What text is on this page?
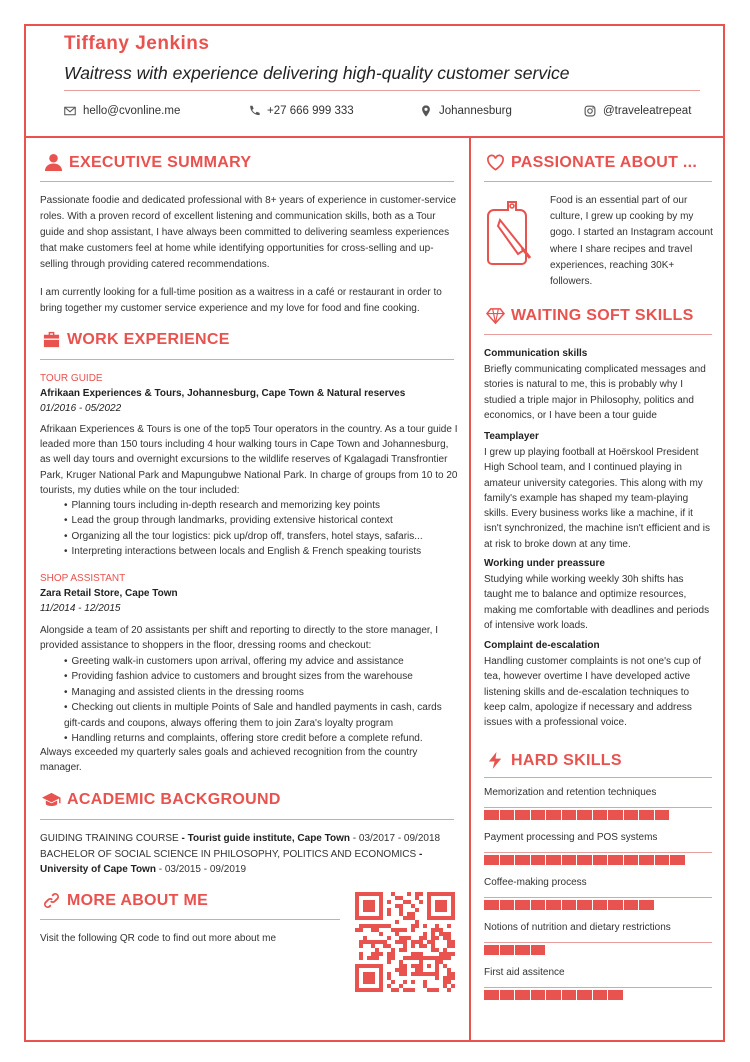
Tiffany Jenkins
Waitress with experience delivering high-quality customer service
hello@cvonline.me	+27 666 999 333	Johannesburg	@traveleatrepeat
EXECUTIVE SUMMARY
Passionate foodie and dedicated professional with 8+ years of experience in customer-service roles. With a proven record of excellent listening and communication skills, both as a Tour guide and shop assistant, I have always been committed to delivering seamless experiences that make customers feel at home while identifying opportunities for cross-selling and up-selling through providing catered recommendations.
I am currently looking for a full-time position as a waitress in a café or restaurant in order to bring together my customer service experience and my love for food and fine cooking.
WORK EXPERIENCE
TOUR GUIDE
Afrikaan Experiences & Tours, Johannesburg, Cape Town & Natural reserves
01/2016 - 05/2022
Afrikaan Experiences & Tours is one of the top5 Tour operators in the country. As a tour guide I leaded more than 150 tours including 4 hour walking tours in Cape Town and Johannesburg, as well day tours and overnight excursions to the wildlife reserves of Kgalagadi Transfrontier Park, Kruger National Park and Mapungubwe National Park. In charge of groups from 10 to 20 tourists, my duties while on the tour included:
• Planning tours including in-depth research and memorizing key points
• Lead the group through landmarks, providing extensive historical context
• Organizing all the tour logistics: pick up/drop off, transfers, hotel stays, safaris...
• Interpreting interactions between locals and English & French speaking tourists
SHOP ASSISTANT
Zara Retail Store, Cape Town
11/2014 - 12/2015
Alongside a team of 20 assistants per shift and reporting to directly to the store manager, I provided assistance to shoppers in the floor, dressing rooms and checkout:
• Greeting walk-in customers upon arrival, offering my advice and assistance
• Providing fashion advice to customers and brought sizes from the warehouse
• Managing and assisted clients in the dressing rooms
• Checking out clients in multiple Points of Sale and handled payments in cash, cards gift-cards and coupons, always offering them to join Zara's loyalty program
• Handling returns and complaints, offering store credit before a complete refund.
Always exceeded my quarterly sales goals and achieved recognition from the country manager.
ACADEMIC BACKGROUND
GUIDING TRAINING COURSE - Tourist guide institute, Cape Town - 03/2017 - 09/2018
BACHELOR OF SOCIAL SCIENCE IN PHILOSOPHY, POLITICS AND ECONOMICS - University of Cape Town - 03/2015 - 09/2019
MORE ABOUT ME
Visit the following QR code to find out more about me
PASSIONATE ABOUT ...
Food is an essential part of our culture, I grew up cooking by my gogo. I started an Instagram account where I share recipes and travel experiences, reaching 30K+ followers.
WAITING SOFT SKILLS
Communication skills
Briefly communicating complicated messages and stories is natural to me, this is probably why I studied a triple major in Philosophy, politics and economics, or I have been a tour guide
Teamplayer
I grew up playing football at Hoërskool President High School team, and I continued playing in amateur university categories. This along with my family's example has shaped my team-playing skills. Every business works like a machine, if it isn't synchronized, the machine isn't efficient and is at risk to broke down at any time.
Working under preassure
Studying while working weekly 30h shifts has taught me to balance and optimize resources, making me comfortable with deadlines and periods of intensive work loads.
Complaint de-escalation
Handling customer complaints is not one's cup of tea, however overtime I have developed active listening skills and de-escalation techniques to keep calm, apologize if necessary and address issues with a professional voice.
HARD SKILLS
Memorization and retention techniques
Payment processing and POS systems
Coffee-making process
Notions of nutrition and dietary restrictions
First aid assitence
